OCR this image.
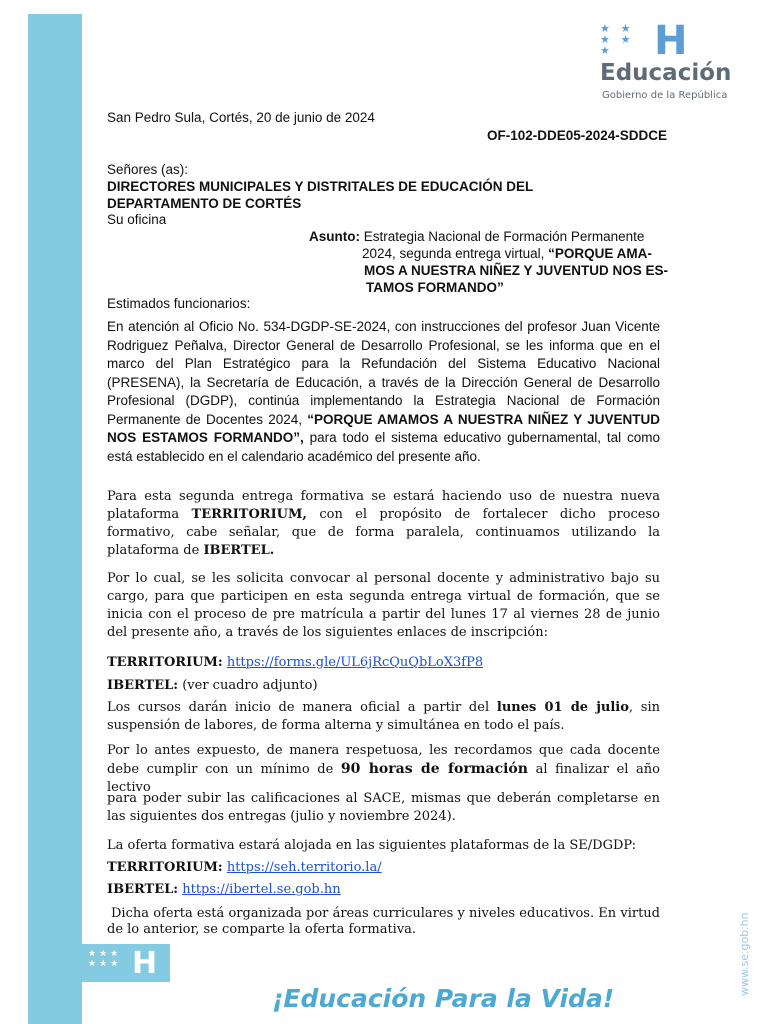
★★★ ★★★ H
★ ★
★ ★ ★	H
Educación
Gobierno de la República
San Pedro Sula, Cortés, 20 de junio de 2024
OF-102-DDE05-2024-SDDCE
Señores (as):
DIRECTORES MUNICIPALES Y DISTRITALES DE EDUCACIÓN DEL DEPARTAMENTO DE CORTÉS
Su oficina
Asunto: Estrategia Nacional de Formación Permanente
2024, segunda entrega virtual, “PORQUE AMA-
MOS A NUESTRA NIÑEZ Y JUVENTUD NOS ES-
TAMOS FORMANDO”
Estimados funcionarios:
En atención al Oficio No. 534-DGDP-SE-2024, con instrucciones del profesor Juan Vicente Rodriguez Peñalva, Director General de Desarrollo Profesional, se les informa que en el marco del Plan Estratégico para la Refundación del Sistema Educativo Nacional (PRESENA), la Secretaría de Educación, a través de la Dirección General de Desarrollo Profesional (DGDP), continúa implementando la Estrategia Nacional de Formación Permanente de Docentes 2024, “PORQUE AMAMOS A NUESTRA NIÑEZ Y JUVENTUD NOS ESTAMOS FORMANDO”, para todo el sistema educativo gubernamental, tal como está establecido en el calendario académico del presente año.
Para esta segunda entrega formativa se estará haciendo uso de nuestra nueva plataforma TERRITORIUM, con el propósito de fortalecer dicho proceso formativo, cabe señalar, que de forma paralela, continuamos utilizando la plataforma de IBERTEL.
Por lo cual, se les solicita convocar al personal docente y administrativo bajo su cargo, para que participen en esta segunda entrega virtual de formación, que se inicia con el proceso de pre matrícula a partir del lunes 17 al viernes 28 de junio del presente año, a través de los siguientes enlaces de inscripción:
TERRITORIUM: https://forms.gle/UL6jRcQuQbLoX3fP8
IBERTEL: (ver cuadro adjunto)
Los cursos darán inicio de manera oficial a partir del lunes 01 de julio, sin suspensión de labores, de forma alterna y simultánea en todo el país.
Por lo antes expuesto, de manera respetuosa, les recordamos que cada docente debe cumplir con un mínimo de 90 horas de formación al finalizar el año lectivo
para poder subir las calificaciones al SACE, mismas que deberán completarse en las siguientes dos entregas (julio y noviembre 2024).
La oferta formativa estará alojada en las siguientes plataformas de la SE/DGDP:
TERRITORIUM: https://seh.territorio.la/
IBERTEL: https://ibertel.se.gob.hn
Dicha oferta está organizada por áreas curriculares y niveles educativos. En virtud de lo anterior, se comparte la oferta formativa.
¡Educación Para la Vida!
www.se.gob.hn
